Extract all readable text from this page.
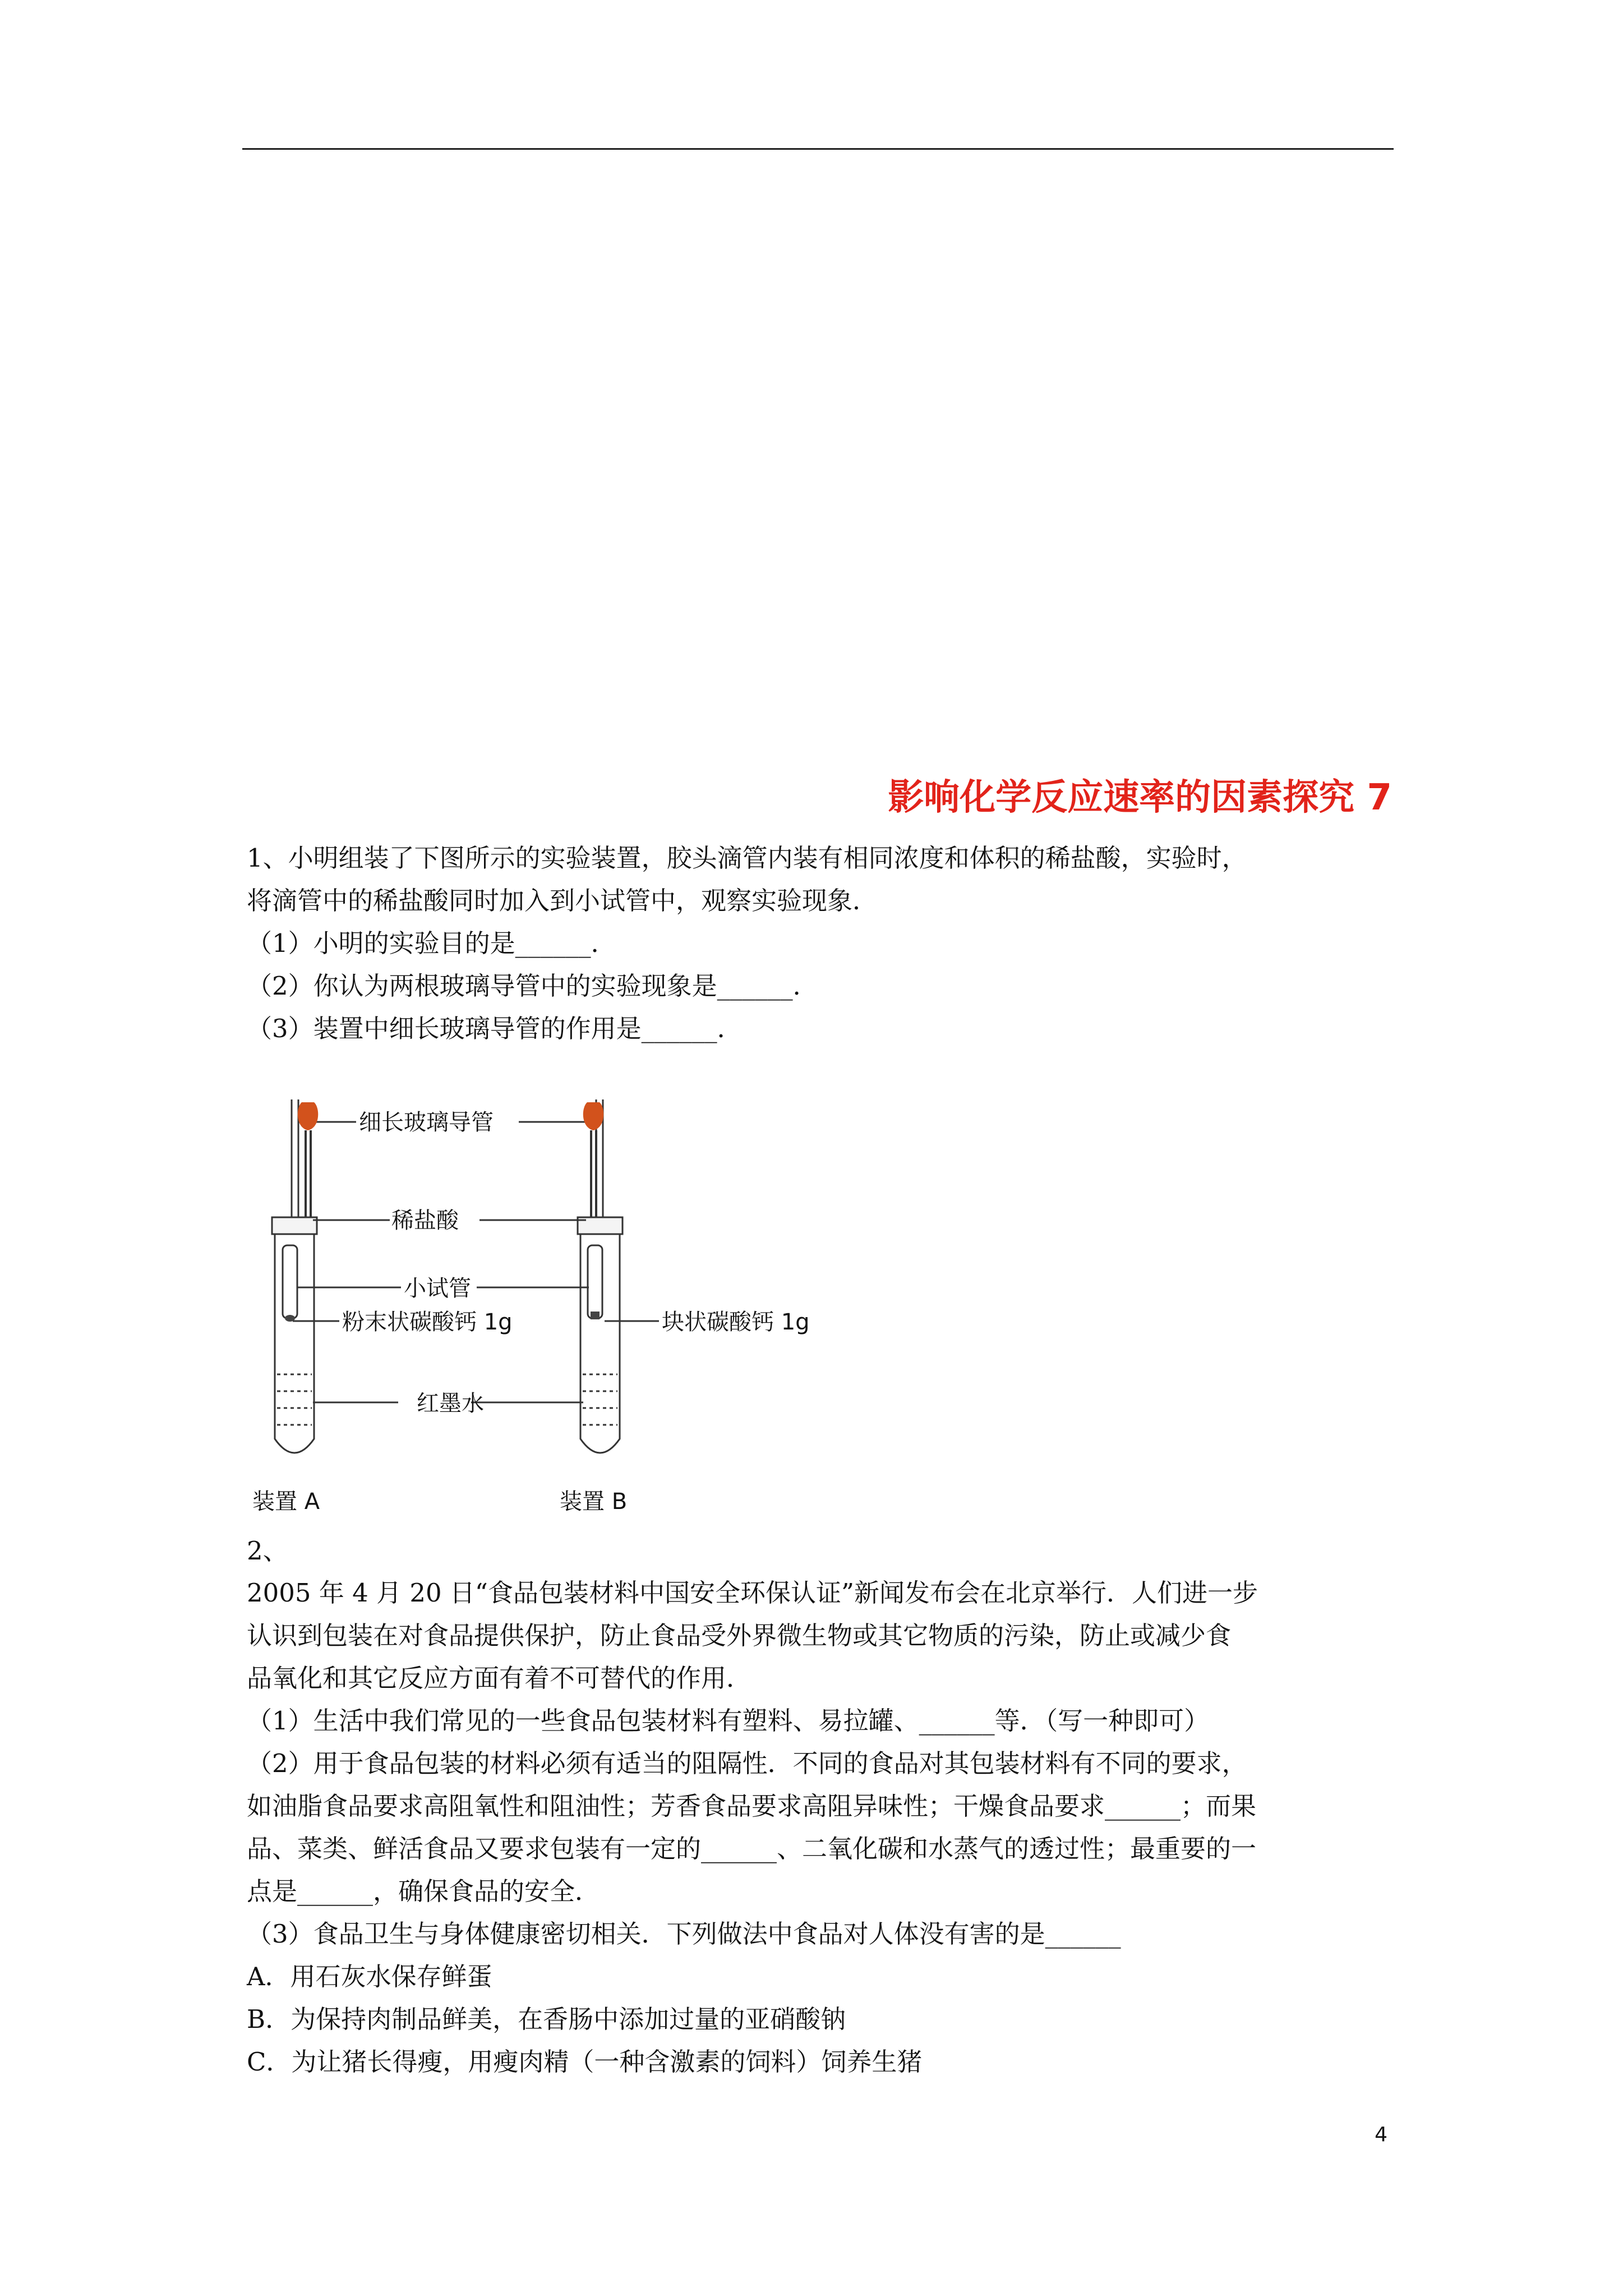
影响化学反应速率的因素探究 7
1、小明组装了下图所示的实验装置，胶头滴管内装有相同浓度和体积的稀盐酸，实验时，
将滴管中的稀盐酸同时加入到小试管中，观察实验现象．
（1）小明的实验目的是______．
（2）你认为两根玻璃导管中的实验现象是______．
（3）装置中细长玻璃导管的作用是______．
细长玻璃导管
稀盐酸
小试管
粉末状碳酸钙 1g	块状碳酸钙 1g
红墨水
装置 A	装置 B
2、
2005 年 4 月 20 日“食品包装材料中国安全环保认证”新闻发布会在北京举行．人们进一步
认识到包装在对食品提供保护，防止食品受外界微生物或其它物质的污染，防止或减少食
品氧化和其它反应方面有着不可替代的作用．
（1）生活中我们常见的一些食品包装材料有塑料、易拉罐、______等．（写一种即可）
（2）用于食品包装的材料必须有适当的阻隔性．不同的食品对其包装材料有不同的要求，
如油脂食品要求高阻氧性和阻油性；芳香食品要求高阻异味性；干燥食品要求______；而果
品、菜类、鲜活食品又要求包装有一定的______、二氧化碳和水蒸气的透过性；最重要的一
点是______，确保食品的安全．
（3）食品卫生与身体健康密切相关．下列做法中食品对人体没有害的是______
A．用石灰水保存鲜蛋
B．为保持肉制品鲜美，在香肠中添加过量的亚硝酸钠
C．为让猪长得瘦，用瘦肉精（一种含激素的饲料）饲养生猪
4
